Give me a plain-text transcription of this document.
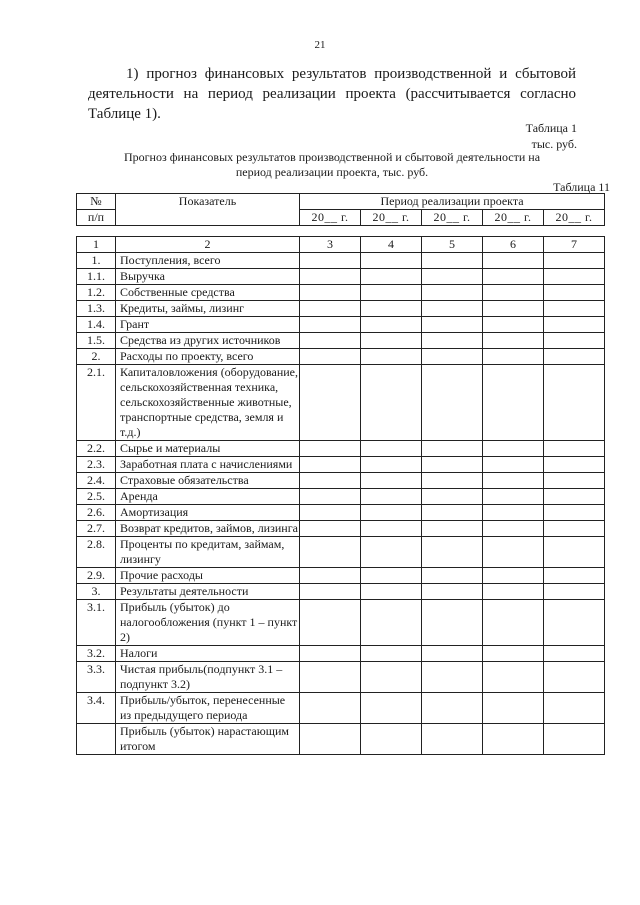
21
1) прогноз финансовых результатов производственной и сбытовой
деятельности на период реализации проекта (рассчитывается согласно
Таблице 1).
Таблица 1
тыс. руб.
Прогноз финансовых результатов производственной и сбытовой деятельности на
период реализации проекта, тыс. руб.
Таблица 11
№	Показатель	Период реализации проекта				
п/п		20__ г.	20__ г.	20__ г.	20__ г.	20__ г.
1	2	3	4	5	6	7
1.	Поступления, всего					
1.1.	Выручка					
1.2.	Собственные средства					
1.3.	Кредиты, займы, лизинг					
1.4.	Грант					
1.5.	Средства из других источников					
2.	Расходы по проекту, всего					
2.1.	Капиталовложения (оборудование, сельскохозяйственная техника, сельскохозяйственные животные, транспортные средства, земля и т.д.)					
2.2.	Сырье и материалы					
2.3.	Заработная плата с начислениями					
2.4.	Страховые обязательства					
2.5.	Аренда					
2.6.	Амортизация					
2.7.	Возврат кредитов, займов, лизинга					
2.8.	Проценты по кредитам, займам, лизингу					
2.9.	Прочие расходы					
3.	Результаты деятельности					
3.1.	Прибыль (убыток) до налогообложения (пункт 1 – пункт 2)					
3.2.	Налоги					
3.3.	Чистая прибыль(подпункт 3.1 – подпункт 3.2)					
3.4.	Прибыль/убыток, перенесенные из предыдущего периода					
	Прибыль (убыток) нарастающим итогом					
